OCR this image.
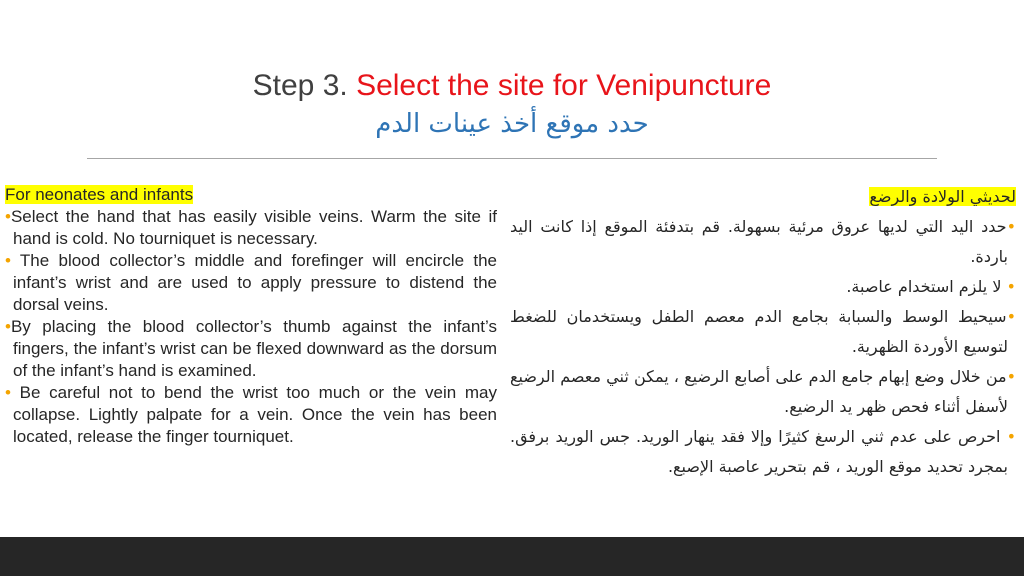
Step 3. Select the site for Venipuncture
حدد موقع أخذ عينات الدم

For neonates and infants

•Select the hand that has easily visible veins. Warm the site if hand is cold. No tourniquet is necessary.

• The blood collector’s middle and forefinger will encircle the infant’s wrist and are used to apply pressure to distend the dorsal veins.

•By placing the blood collector’s thumb against the infant’s fingers, the infant’s wrist can be flexed downward as the dorsum of the infant’s hand is examined.

• Be careful not to bend the wrist too much or the vein may collapse. Lightly palpate for a vein. Once the vein has been located, release the finger tourniquet.

لحديثي الولادة والرضع

•حدد اليد التي لديها عروق مرئية بسهولة. قم بتدفئة الموقع إذا كانت اليد باردة.

• لا يلزم استخدام عاصبة.

•سيحيط الوسط والسبابة بجامع الدم معصم الطفل ويستخدمان للضغط لتوسيع الأوردة الظهرية.

•من خلال وضع إبهام جامع الدم على أصابع الرضيع ، يمكن ثني معصم الرضيع لأسفل أثناء فحص ظهر يد الرضيع.

• احرص على عدم ثني الرسغ كثيرًا وإلا فقد ينهار الوريد. جس الوريد برفق. بمجرد تحديد موقع الوريد ، قم بتحرير عاصبة الإصبع.
